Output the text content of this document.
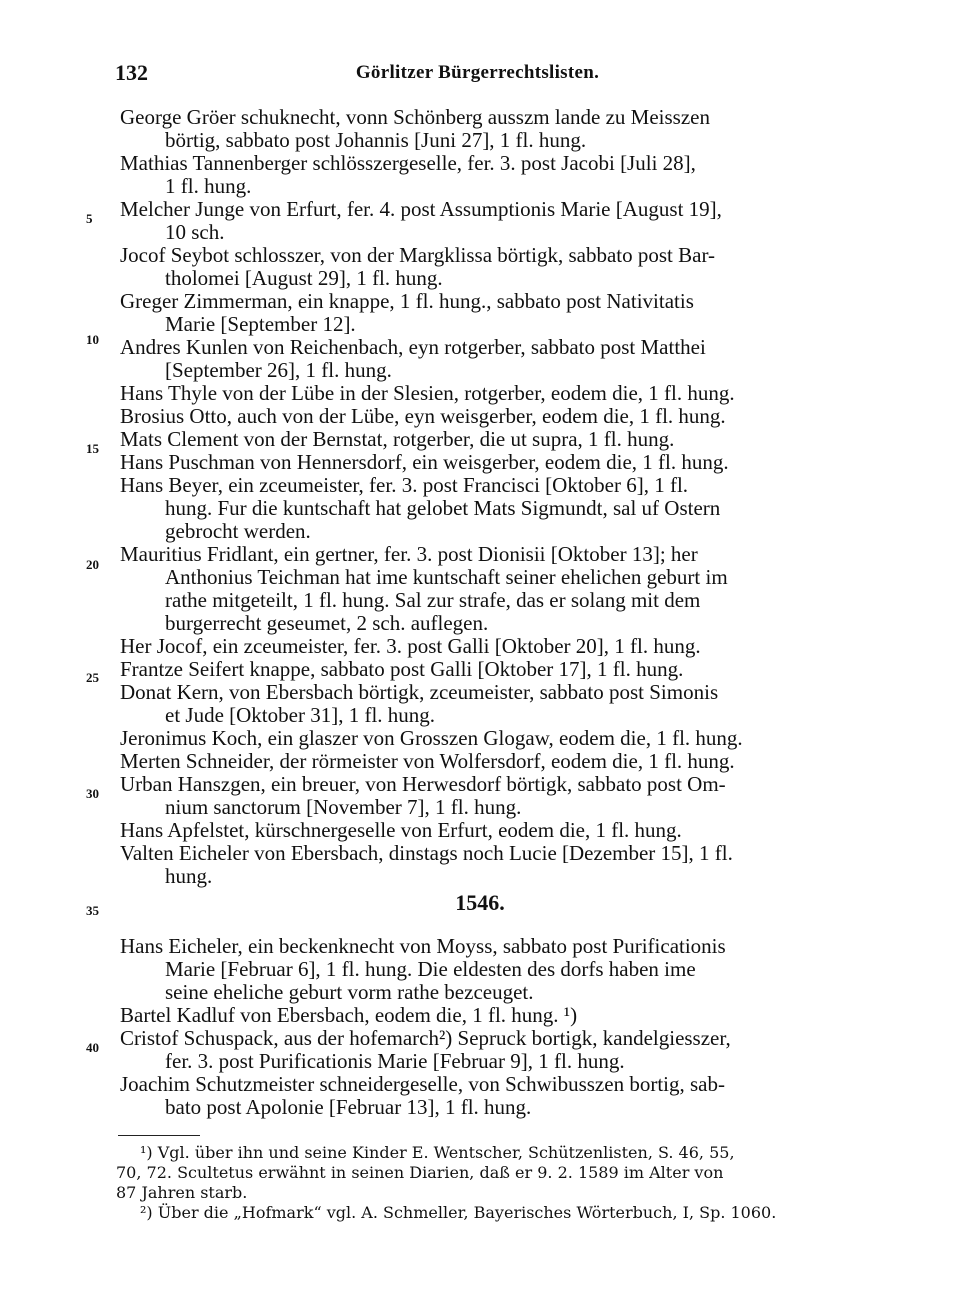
132	Görlitzer Bürgerrechtslisten.
5
10
15
20
25
30
35
40
George Gröer schuknecht, vonn Schönberg ausszm lande zu Meisszen
börtig, sabbato post Johannis [Juni 27], 1 fl. hung.
Mathias Tannenberger schlösszergeselle, fer. 3. post Jacobi [Juli 28],
1 fl. hung.
Melcher Junge von Erfurt, fer. 4. post Assumptionis Marie [August 19],
10 sch.
Jocof Seybot schlosszer, von der Margklissa börtigk, sabbato post Bar-
tholomei [August 29], 1 fl. hung.
Greger Zimmerman, ein knappe, 1 fl. hung., sabbato post Nativitatis
Marie [September 12].
Andres Kunlen von Reichenbach, eyn rotgerber, sabbato post Matthei
[September 26], 1 fl. hung.
Hans Thyle von der Lübe in der Slesien, rotgerber, eodem die, 1 fl. hung.
Brosius Otto, auch von der Lübe, eyn weisgerber, eodem die, 1 fl. hung.
Mats Clement von der Bernstat, rotgerber, die ut supra, 1 fl. hung.
Hans Puschman von Hennersdorf, ein weisgerber, eodem die, 1 fl. hung.
Hans Beyer, ein zceumeister, fer. 3. post Francisci [Oktober 6], 1 fl.
hung. Fur die kuntschaft hat gelobet Mats Sigmundt, sal uf Ostern
gebrocht werden.
Mauritius Fridlant, ein gertner, fer. 3. post Dionisii [Oktober 13]; her
Anthonius Teichman hat ime kuntschaft seiner ehelichen geburt im
rathe mitgeteilt, 1 fl. hung. Sal zur strafe, das er solang mit dem
burgerrecht geseumet, 2 sch. auflegen.
Her Jocof, ein zceumeister, fer. 3. post Galli [Oktober 20], 1 fl. hung.
Frantze Seifert knappe, sabbato post Galli [Oktober 17], 1 fl. hung.
Donat Kern, von Ebersbach börtigk, zceumeister, sabbato post Simonis
et Jude [Oktober 31], 1 fl. hung.
Jeronimus Koch, ein glaszer von Grosszen Glogaw, eodem die, 1 fl. hung.
Merten Schneider, der rörmeister von Wolfersdorf, eodem die, 1 fl. hung.
Urban Hanszgen, ein breuer, von Herwesdorf börtigk, sabbato post Om-
nium sanctorum [November 7], 1 fl. hung.
Hans Apfelstet, kürschnergeselle von Erfurt, eodem die, 1 fl. hung.
Valten Eicheler von Ebersbach, dinstags noch Lucie [Dezember 15], 1 fl.
hung.
1546.
Hans Eicheler, ein beckenknecht von Moyss, sabbato post Purificationis
Marie [Februar 6], 1 fl. hung. Die eldesten des dorfs haben ime
seine eheliche geburt vorm rathe bezceuget.
Bartel Kadluf von Ebersbach, eodem die, 1 fl. hung. ¹)
Cristof Schuspack, aus der hofemarch²) Sepruck bortigk, kandelgiesszer,
fer. 3. post Purificationis Marie [Februar 9], 1 fl. hung.
Joachim Schutzmeister schneidergeselle, von Schwibusszen bortig, sab-
bato post Apolonie [Februar 13], 1 fl. hung.
¹) Vgl. über ihn und seine Kinder E. Wentscher, Schützenlisten, S. 46, 55,
70, 72. Scultetus erwähnt in seinen Diarien, daß er 9. 2. 1589 im Alter von
87 Jahren starb.
²) Über die „Hofmark“ vgl. A. Schmeller, Bayerisches Wörterbuch, I, Sp. 1060.
